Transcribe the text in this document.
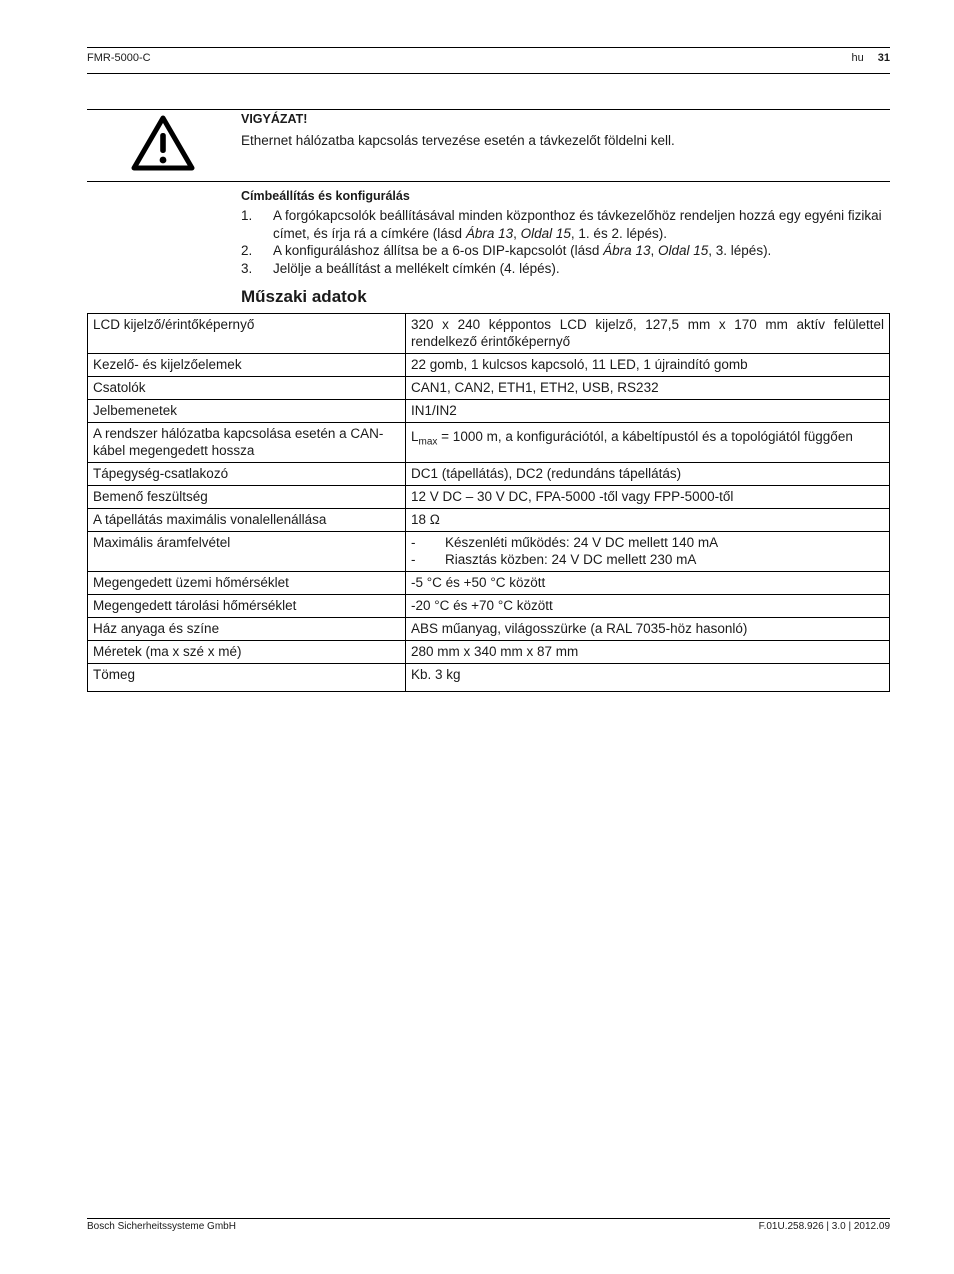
FMR-5000-C	hu 31
VIGYÁZAT!
Ethernet hálózatba kapcsolás tervezése esetén a távkezelőt földelni kell.
Címbeállítás és konfigurálás
1.	A forgókapcsolók beállításával minden központhoz és távkezelőhöz rendeljen hozzá egy egyéni fizikai címet, és írja rá a címkére (lásd Ábra 13, Oldal 15, 1. és 2. lépés).
2.	A konfiguráláshoz állítsa be a 6-os DIP-kapcsolót (lásd Ábra 13, Oldal 15, 3. lépés).
3.	Jelölje a beállítást a mellékelt címkén (4. lépés).
Műszaki adatok
LCD kijelző/érintőképernyő	320 x 240 képpontos LCD kijelző, 127,5 mm x 170 mm aktív felülettel rendelkező érintőképernyő
Kezelő- és kijelzőelemek	22 gomb, 1 kulcsos kapcsoló, 11 LED, 1 újraindító gomb
Csatolók	CAN1, CAN2, ETH1, ETH2, USB, RS232
Jelbemenetek	IN1/IN2
A rendszer hálózatba kapcsolása esetén a CAN-kábel megengedett hossza	$L_{max} = 1000$ m, a konfigurációtól, a kábeltípustól és a topológiától függően
Tápegység-csatlakozó	DC1 (tápellátás), DC2 (redundáns tápellátás)
Bemenő feszültség	12 V DC – 30 V DC, FPA-5000 -től vagy FPP-5000-től
A tápellátás maximális vonalellenállása	18 Ω
Maximális áramfelvétel	- Készenléti működés: 24 V DC mellett 140 mA
- Riasztás közben: 24 V DC mellett 230 mA

Megengedett üzemi hőmérséklet	-5 °C és +50 °C között
Megengedett tárolási hőmérséklet	-20 °C és +70 °C között
Ház anyaga és színe	ABS műanyag, világosszürke (a RAL 7035-höz hasonló)
Méretek (ma x szé x mé)	280 mm x 340 mm x 87 mm
Tömeg	Kb. 3 kg
Bosch Sicherheitssysteme GmbH	F.01U.258.926 | 3.0 | 2012.09
